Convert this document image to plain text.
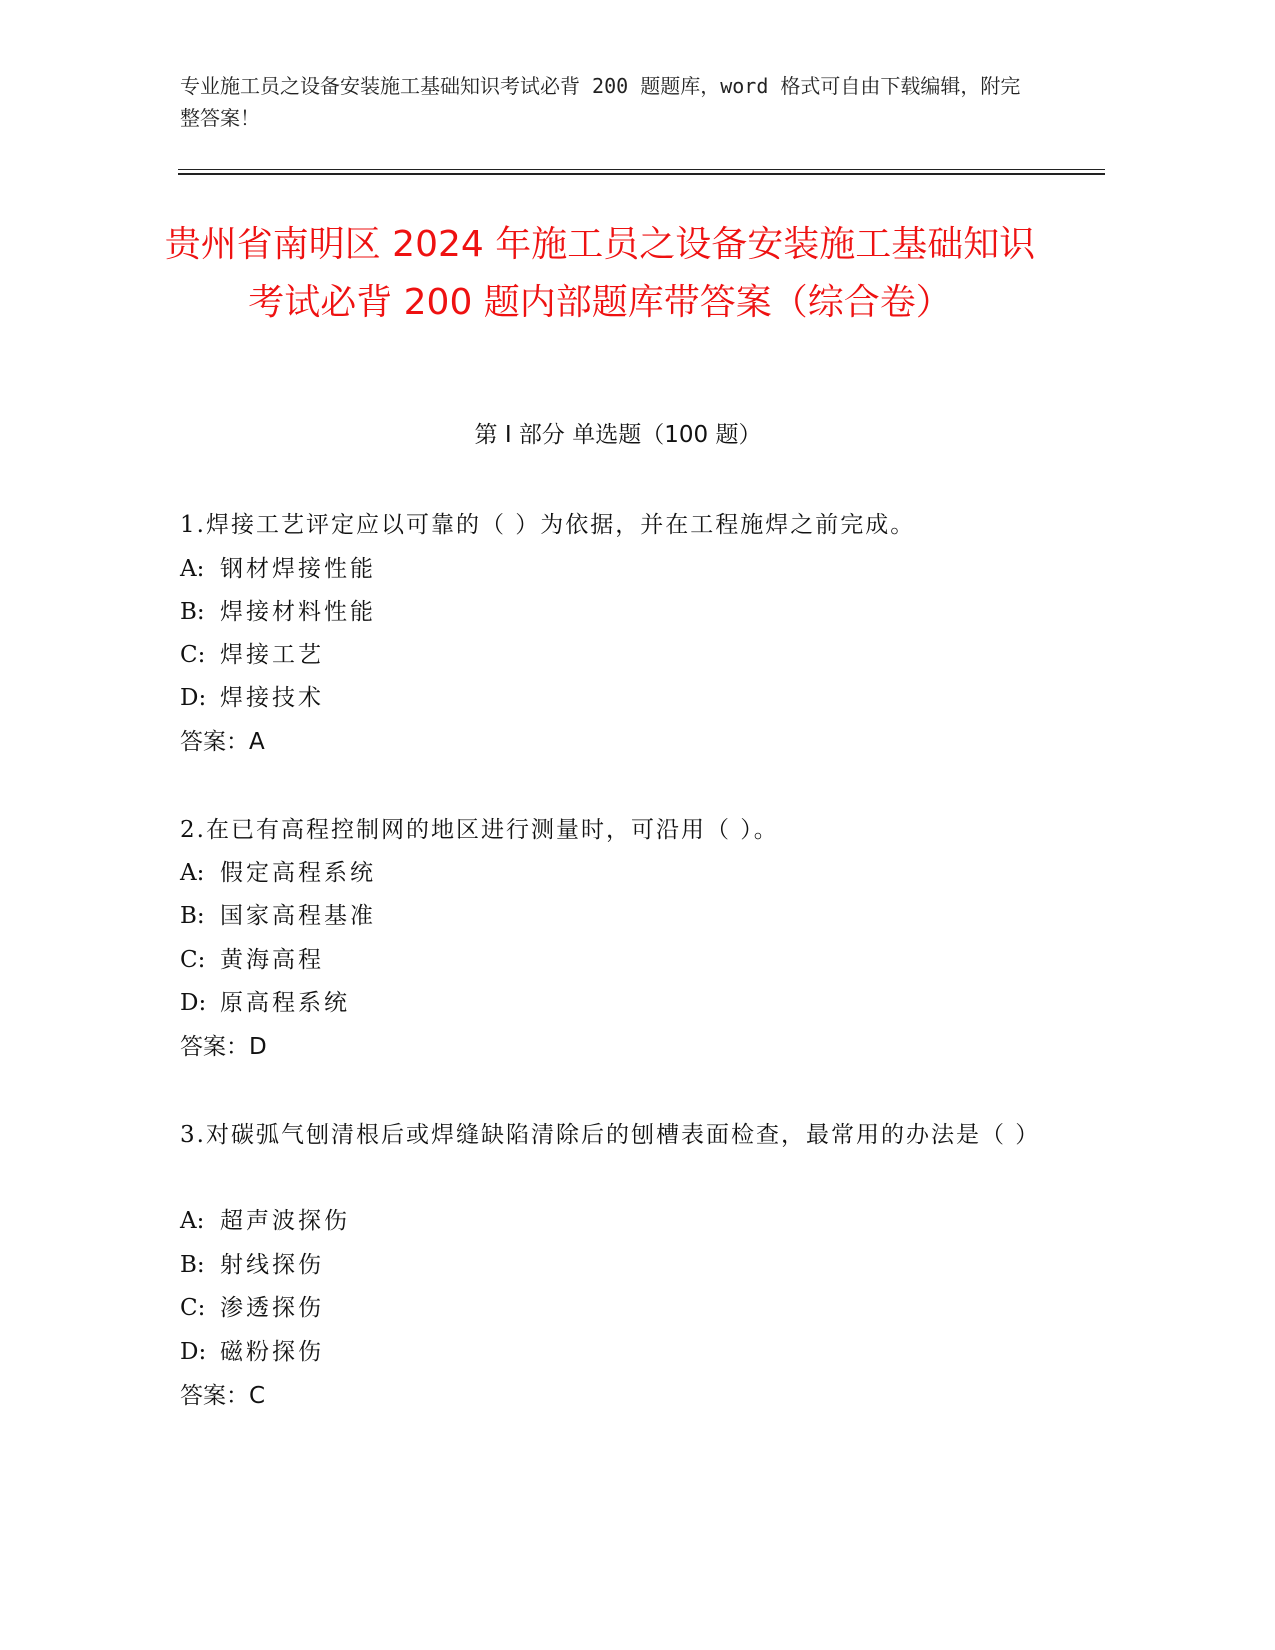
专业施工员之设备安装施工基础知识考试必背 200 题题库，word 格式可自由下载编辑，附完整答案！
贵州省南明区 2024 年施工员之设备安装施工基础知识考试必背 200 题内部题库带答案（综合卷）
第 I 部分 单选题（100 题）
1.焊接工艺评定应以可靠的（ ）为依据，并在工程施焊之前完成。
A: 钢材焊接性能
B: 焊接材料性能
C: 焊接工艺
D: 焊接技术
答案：A
2.在已有高程控制网的地区进行测量时，可沿用（ ）。
A: 假定高程系统
B: 国家高程基准
C: 黄海高程
D: 原高程系统
答案：D
3.对碳弧气刨清根后或焊缝缺陷清除后的刨槽表面检查，最常用的办法是（ ）
A: 超声波探伤
B: 射线探伤
C: 渗透探伤
D: 磁粉探伤
答案：C
